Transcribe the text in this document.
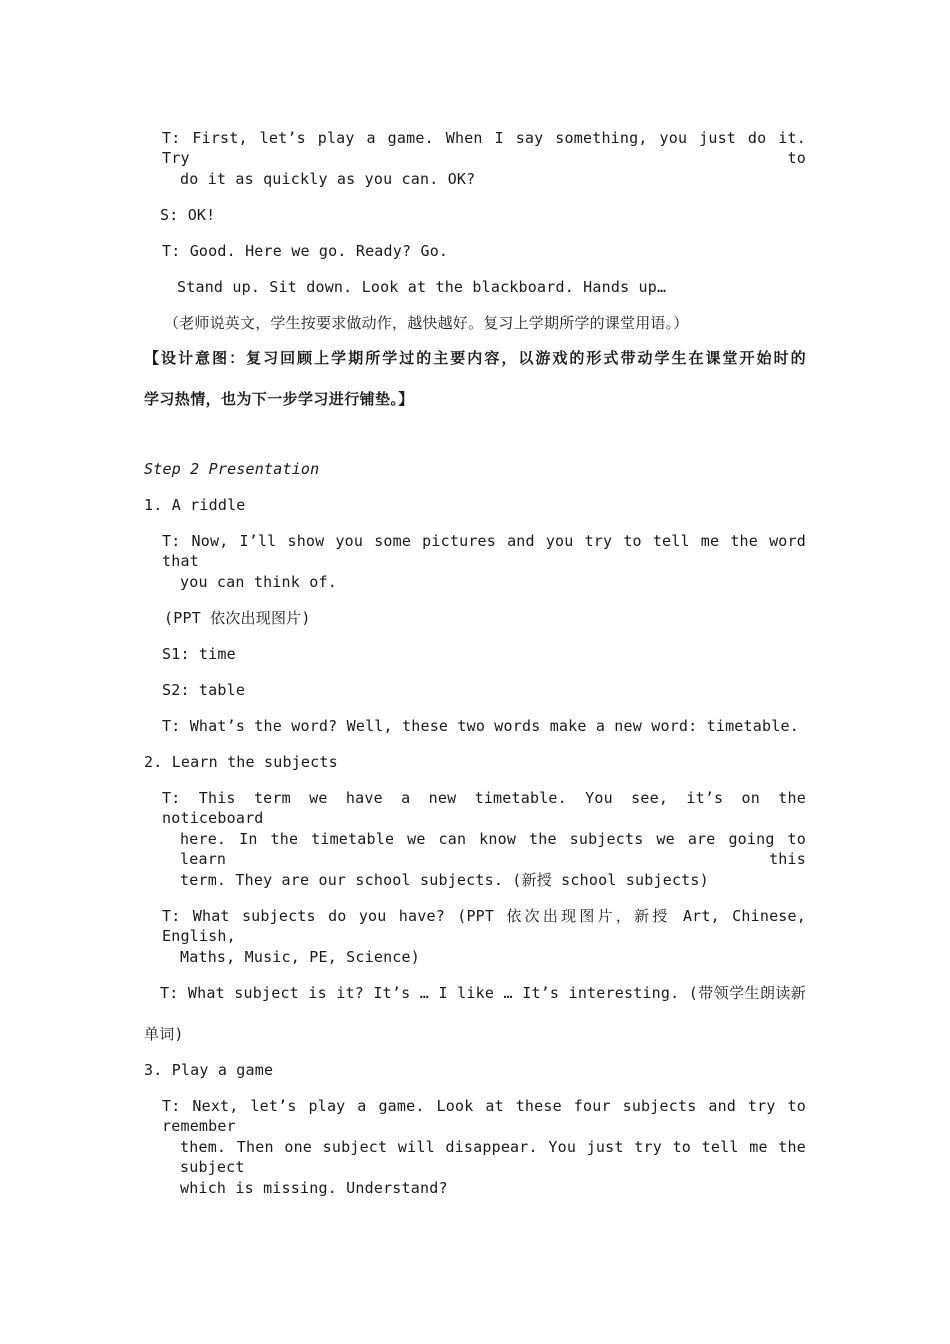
T: First, let’s play a game. When I say something, you just do it. Try to
do it as quickly as you can. OK?
S: OK!
T: Good. Here we go. Ready? Go.
Stand up. Sit down. Look at the blackboard. Hands up…
（老师说英文，学生按要求做动作，越快越好。复习上学期所学的课堂用语。）
【设计意图：复习回顾上学期所学过的主要内容，以游戏的形式带动学生在课堂开始时的
学习热情，也为下一步学习进行铺垫。】
Step 2 Presentation
1. A riddle
T: Now, I’ll show you some pictures and you try to tell me the word that
you can think of.
(PPT 依次出现图片)
S1: time
S2: table
T: What’s the word? Well, these two words make a new word: timetable.
2. Learn the subjects
T: This term we have a new timetable. You see, it’s on the noticeboard
here. In the timetable we can know the subjects we are going to learn this
term. They are our school subjects. (新授 school subjects)
T: What subjects do you have? (PPT 依次出现图片，新授 Art, Chinese, English,
Maths, Music, PE, Science)
T: What subject is it? It’s … I like … It’s interesting. (带领学生朗读新
单词)
3. Play a game
T: Next, let’s play a game. Look at these four subjects and try to remember
them. Then one subject will disappear. You just try to tell me the subject
which is missing. Understand?
